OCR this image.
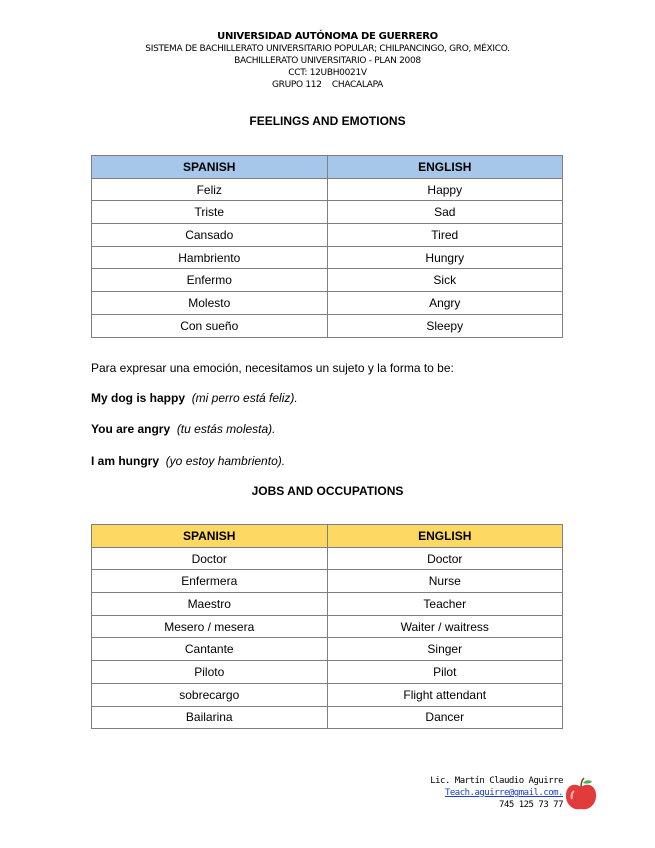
UNIVERSIDAD AUTÓNOMA DE GUERRERO
SISTEMA DE BACHILLERATO UNIVERSITARIO POPULAR; CHILPANCINGO, GRO, MÉXICO.
BACHILLERATO UNIVERSITARIO - PLAN 2008
CCT: 12UBH0021V
GRUPO 112    CHACALAPA
FEELINGS AND EMOTIONS
SPANISH	ENGLISH
Feliz	Happy
Triste	Sad
Cansado	Tired
Hambriento	Hungry
Enfermo	Sick
Molesto	Angry
Con sueño	Sleepy
Para expresar una emoción, necesitamos un sujeto y la forma to be:
My dog is happy (mi perro está feliz).
You are angry (tu estás molesta).
I am hungry (yo estoy hambriento).
JOBS AND OCCUPATIONS
SPANISH	ENGLISH
Doctor	Doctor
Enfermera	Nurse
Maestro	Teacher
Mesero / mesera	Waiter / waitress
Cantante	Singer
Piloto	Pilot
sobrecargo	Flight attendant
Bailarina	Dancer
Lic. Martín Claudio Aguirre
Teach.aguirre@gmail.com.
745 125 73 77
